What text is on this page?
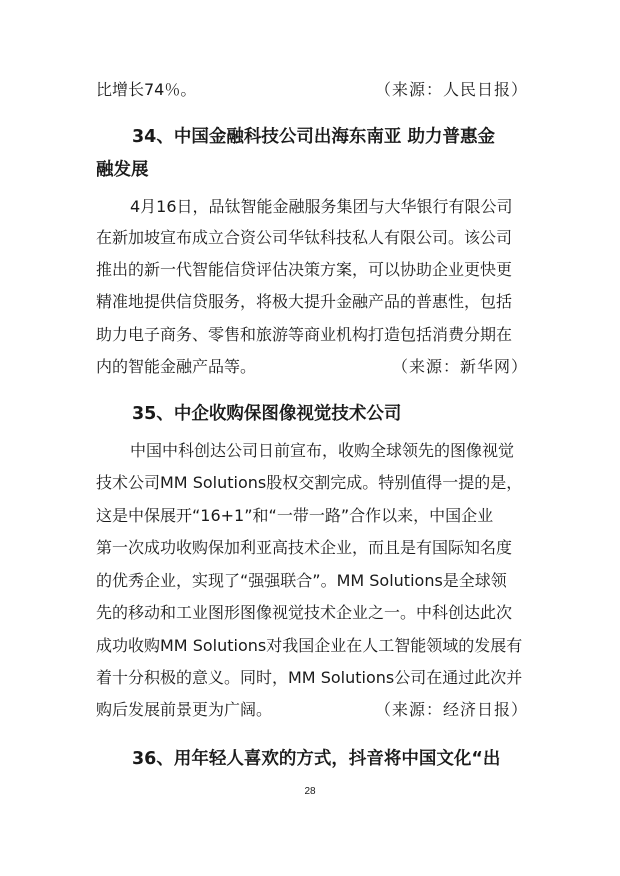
比增长74％。	（来源：人民日报）
34、中国金融科技公司出海东南亚 助力普惠金
融发展
4月16日，品钛智能金融服务集团与大华银行有限公司
在新加坡宣布成立合资公司华钛科技私人有限公司。该公司
推出的新一代智能信贷评估决策方案，可以协助企业更快更
精准地提供信贷服务，将极大提升金融产品的普惠性，包括
助力电子商务、零售和旅游等商业机构打造包括消费分期在
内的智能金融产品等。	（来源：新华网）
35、中企收购保图像视觉技术公司
中国中科创达公司日前宣布，收购全球领先的图像视觉
技术公司MM Solutions股权交割完成。特别值得一提的是，
这是中保展开“16+1”和“一带一路”合作以来，中国企业
第一次成功收购保加利亚高技术企业，而且是有国际知名度
的优秀企业，实现了“强强联合”。MM Solutions是全球领
先的移动和工业图形图像视觉技术企业之一。中科创达此次
成功收购MM Solutions对我国企业在人工智能领域的发展有
着十分积极的意义。同时，MM Solutions公司在通过此次并
购后发展前景更为广阔。	（来源：经济日报）
36、用年轻人喜欢的方式，抖音将中国文化“出
28
